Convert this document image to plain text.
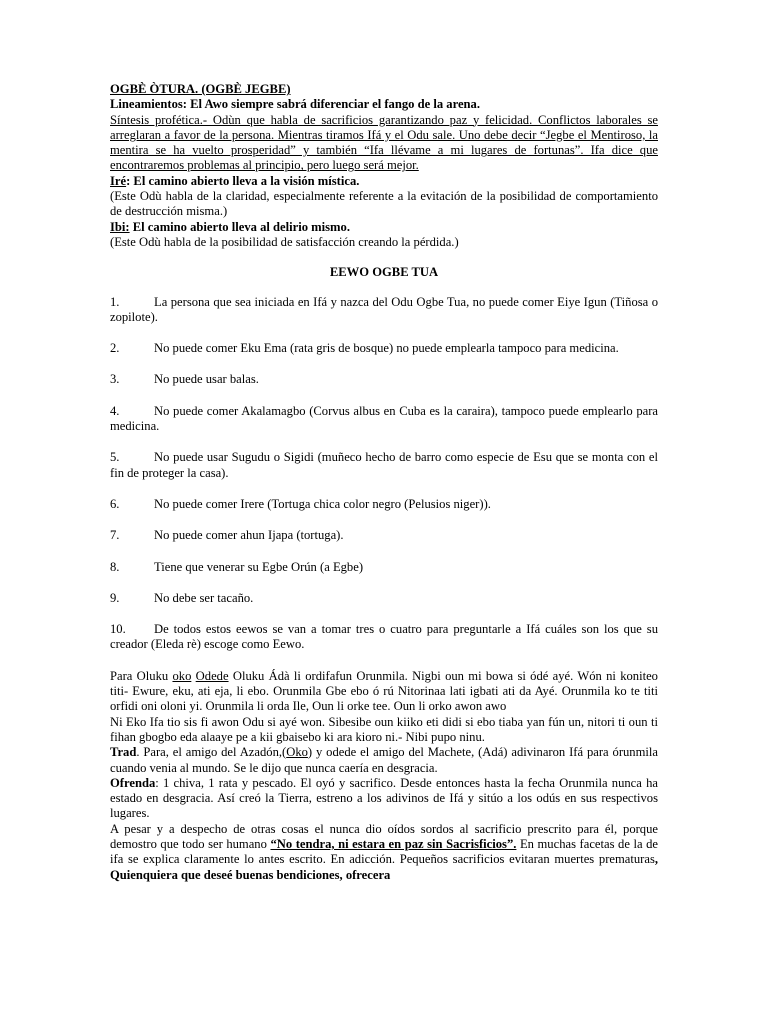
OGBÈ ÒTURA. (OGBÈ JEGBE)

Lineamientos: El Awo siempre sabrá diferenciar el fango de la arena.

Síntesis profética.- Odùn que habla de sacrificios garantizando paz y felicidad. Conflictos laborales se arreglaran a favor de la persona. Mientras tiramos Ifá y el Odu sale. Uno debe decir “Jegbe el Mentiroso, la mentira se ha vuelto prosperidad” y también “Ifa llévame a mi lugares de fortunas”. Ifa dice que encontraremos problemas al principio, pero luego será mejor.

Iré: El camino abierto lleva a la visión mística.

(Este Odù habla de la claridad, especialmente referente a la evitación de la posibilidad de comportamiento de destrucción misma.)

Ibi: El camino abierto lleva al delirio mismo.

(Este Odù habla de la posibilidad de satisfacción creando la pérdida.)

EEWO OGBE TUA

1.	La persona que sea iniciada en Ifá y nazca del Odu Ogbe Tua, no puede comer Eiye Igun (Tiñosa o zopilote).

2.	No puede comer Eku Ema (rata gris de bosque) no puede emplearla tampoco para medicina.

3.	No puede usar balas.

4.	No puede comer Akalamagbo (Corvus albus en Cuba es la caraira), tampoco puede emplearlo para medicina.

5.	No puede usar Sugudu o Sigidi (muñeco hecho de barro como especie de Esu que se monta con el fin de proteger la casa).

6.	No puede comer Irere (Tortuga chica color negro (Pelusios niger)).

7.	No puede comer ahun Ijapa (tortuga).

8.	Tiene que venerar su Egbe Orún (a Egbe)

9.	No debe ser tacaño.

10. De todos estos eewos se van a tomar tres o cuatro para preguntarle a Ifá cuáles son los que su creador (Eleda rè) escoge como Eewo.

Para Oluku oko Odede Oluku Ádà li ordifafun Orunmila. Nigbi oun mi bowa si ódé ayé. Wón ni koniteo titi- Ewure, eku, ati eja, li ebo. Orunmila Gbe ebo ó rú Nitorinaa lati igbati ati da Ayé. Orunmila ko te titi orfidi oni oloni yi. Orunmila li orda Ile, Oun li orke tee. Oun li orko awon awo

Ni Eko Ifa tio sis fi awon Odu si ayé won. Sibesibe oun kiiko eti didi si ebo tiaba yan fún un, nitori ti oun ti fihan gbogbo eda alaaye pe a kii gbaisebo ki ara kioro ni.- Nibi pupo ninu.

Trad. Para, el amigo del Azadón,(Oko) y odede el amigo del Machete, (Adá) adivinaron Ifá para órunmila cuando venia al mundo. Se le dijo que nunca caería en desgracia.

Ofrenda: 1 chiva, 1 rata y pescado. El oyó y sacrifico. Desde entonces hasta la fecha Orunmila nunca ha estado en desgracia. Así creó la Tierra, estreno a los adivinos de Ifá y sitúo a los odús en sus respectivos lugares.

A pesar y a despecho de otras cosas el nunca dio oídos sordos al sacrificio prescrito para él, porque demostro que todo ser humano “No tendra, ni estara en paz sin Sacrisficios”. En muchas facetas de la de ifa se explica claramente lo antes escrito. En adicción. Pequeños sacrificios evitaran muertes prematuras, Quienquiera que deseé buenas bendiciones, ofrecera
